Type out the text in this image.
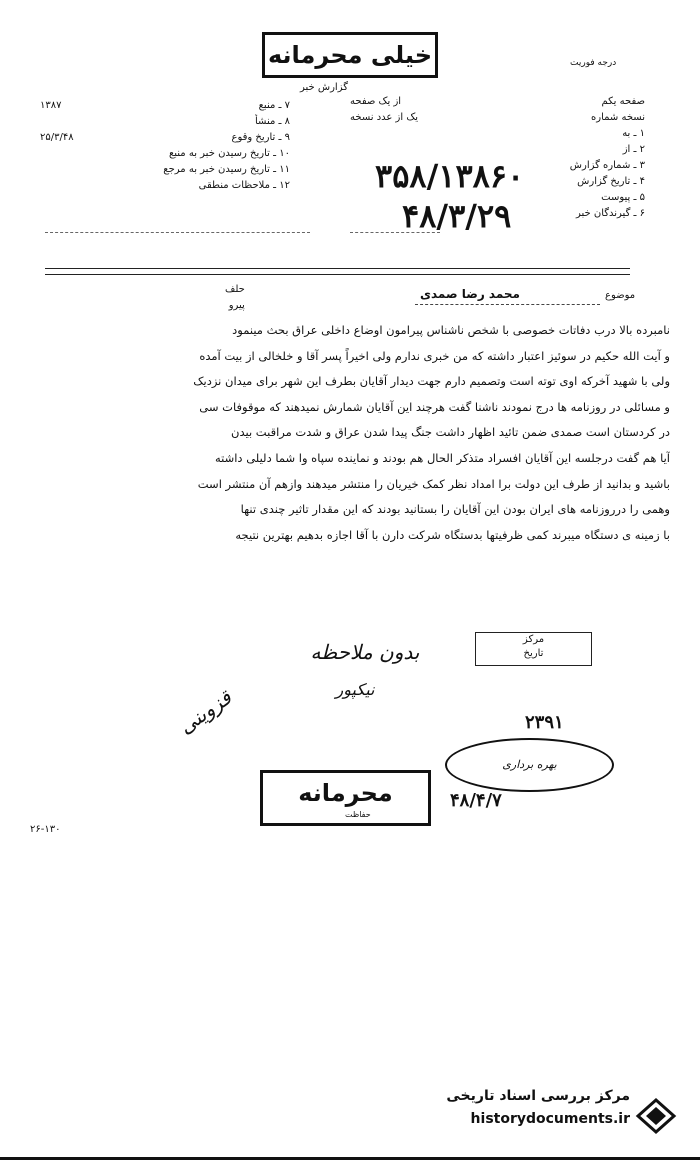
خیلی محرمانه
گزارش خبر
درجه فوریت
صفحه یکم
نسخه شماره
۱ ـ به
۲ ـ از
۳ ـ شماره گزارش
۴ ـ تاریخ گزارش
۵ ـ پیوست
۶ ـ گیرندگان خبر
از یک صفحه
یک از عدد نسخه
۷ ـ منبع
۸ ـ منشأ
۹ ـ تاریخ وقوع
۱۰ ـ تاریخ رسیدن خبر به منبع
۱۱ ـ تاریخ رسیدن خبر به مرجع
۱۲ ـ ملاحظات منطقی
۱۳۸۷

۲۵/۳/۴۸
۳۵۸/۱۳۸۶۰
۴۸/۳/۲۹
موضوع
محمد رضا صمدی
حلف
پیرو
نامبرده بالا درب دفاتات خصوصی با شخص ناشناس پیرامون اوضاع داخلی عراق بحث مینمود
و آیت الله حکیم در سوئیز اعتبار داشته که من خبری ندارم ولی اخیراً پسر آقا و خلخالی از بیت آمده
ولی با شهید آخرکه اوی توته است وتصمیم دارم جهت دیدار آقایان بطرف این شهر برای میدان نزدیک
و مسائلی در روزنامه ها درج نمودند ناشنا گفت هرچند این آقایان شمارش نمیدهند که موقوفات سی
در کردستان است صمدی ضمن تائید اظهار داشت جنگ پیدا شدن عراق و شدت مراقبت بیدن
آیا هم گفت درجلسه این آقایان افسراد متذکر الحال هم بودند و نماینده سپاه وا شما دلیلی داشته
باشید و بدانید از طرف این دولت برا امداد نظر کمک خیریان را منتشر میدهند وازهم آن منتشر است
وهمی را درروزنامه های ایران بودن این آقایان را بستانید بودند که این مقدار تاثیر چندی تنها
با زمینه ی دستگاه میبرند کمی ظرفیتها بدستگاه شرکت دارن با آقا اجازه بدهیم بهترین نتیجه
مرکز
تاریخ
بدون ملاحظه
نیکپور
قزوینی	۲۳۹۱
بهره برداری
۴۸/۴/۷
محرمانه
حفاظت
۲۶-۱۳۰
مرکز بررسی اسناد تاریخی
historydocuments.ir
